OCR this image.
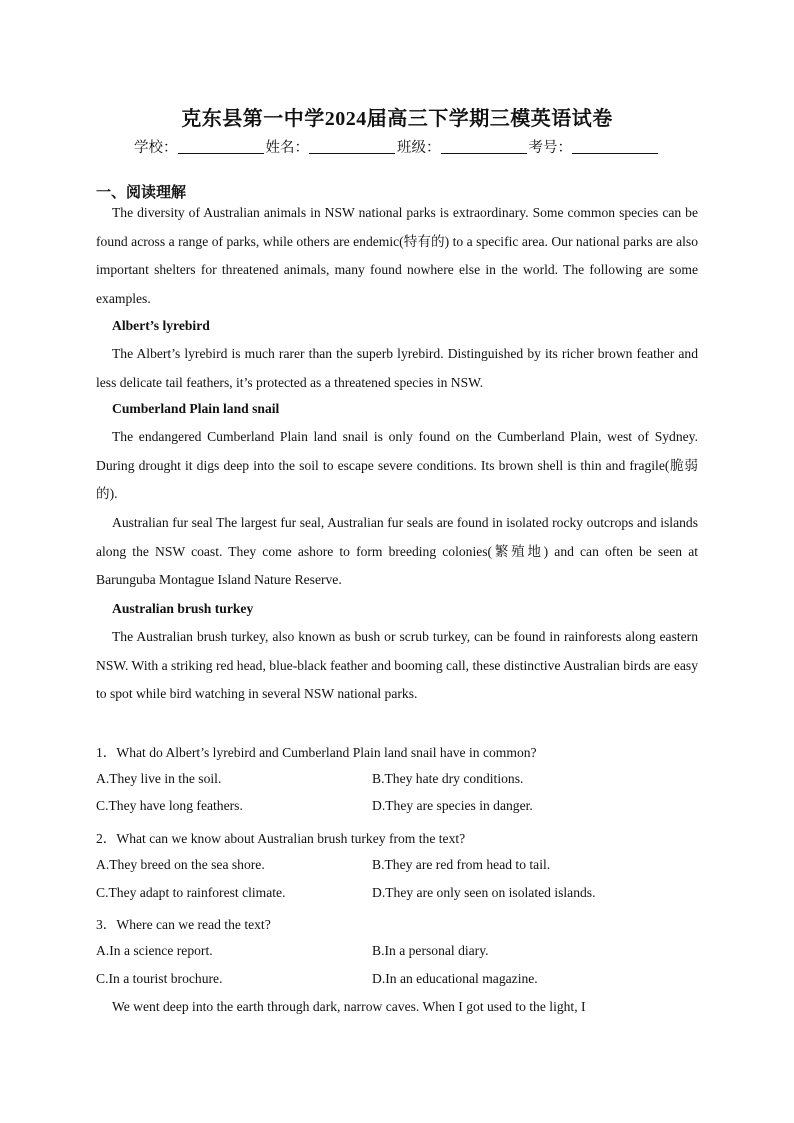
克东县第一中学2024届高三下学期三模英语试卷
学校：	姓名：	班级：	考号：
一、阅读理解
The diversity of Australian animals in NSW national parks is extraordinary. Some common species can be found across a range of parks, while others are endemic(特有的) to a specific area. Our national parks are also important shelters for threatened animals, many found nowhere else in the world. The following are some examples.
Albert’s lyrebird
The Albert’s lyrebird is much rarer than the superb lyrebird. Distinguished by its richer brown feather and less delicate tail feathers, it’s protected as a threatened species in NSW.
Cumberland Plain land snail
The endangered Cumberland Plain land snail is only found on the Cumberland Plain, west of Sydney. During drought it digs deep into the soil to escape severe conditions. Its brown shell is thin and fragile(脆弱的).
Australian fur seal The largest fur seal, Australian fur seals are found in isolated rocky outcrops and islands along the NSW coast. They come ashore to form breeding colonies(繁殖地) and can often be seen at Barunguba Montague Island Nature Reserve.
Australian brush turkey
The Australian brush turkey, also known as bush or scrub turkey, can be found in rainforests along eastern NSW. With a striking red head, blue-black feather and booming call, these distinctive Australian birds are easy to spot while bird watching in several NSW national parks.
1．What do Albert’s lyrebird and Cumberland Plain land snail have in common?
A.They live in the soil.	B.They hate dry conditions.
C.They have long feathers.	D.They are species in danger.
2．What can we know about Australian brush turkey from the text?
A.They breed on the sea shore.	B.They are red from head to tail.
C.They adapt to rainforest climate.	D.They are only seen on isolated islands.
3．Where can we read the text?
A.In a science report.	B.In a personal diary.
C.In a tourist brochure.	D.In an educational magazine.
We went deep into the earth through dark, narrow caves. When I got used to the light, I
